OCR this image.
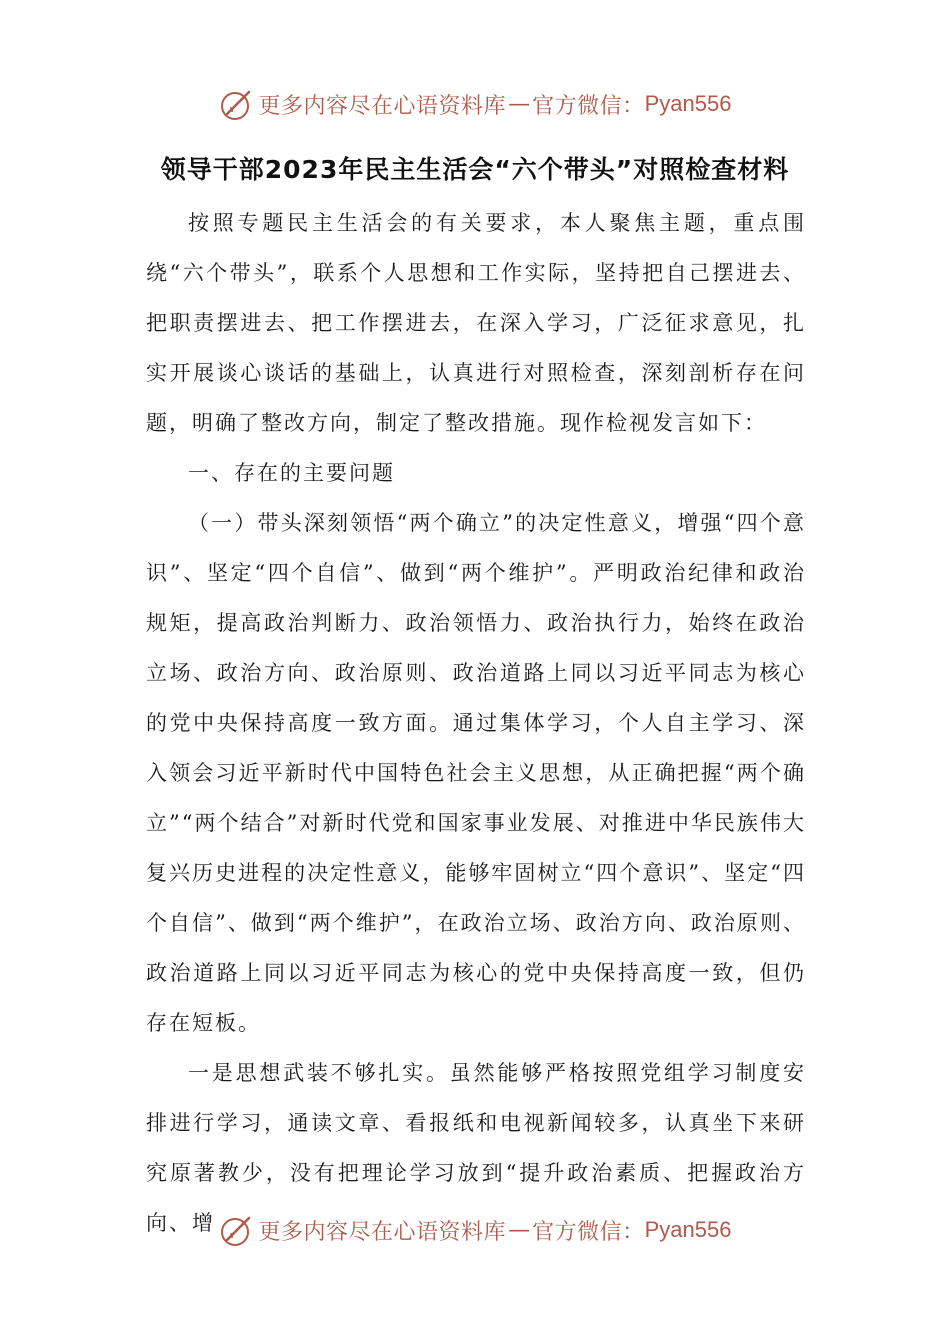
更多内容尽在心语资料库 — 官方微信： Pyan556
领导干部2023年民主生活会“六个带头”对照检查材料

按照专题民主生活会的有关要求，本人聚焦主题，重点围绕“六个带头”，联系个人思想和工作实际，坚持把自己摆进去、把职责摆进去、把工作摆进去，在深入学习，广泛征求意见，扎实开展谈心谈话的基础上，认真进行对照检查，深刻剖析存在问题，明确了整改方向，制定了整改措施。现作检视发言如下：

一、存在的主要问题

（一）带头深刻领悟“两个确立”的决定性意义，增强“四个意识”、坚定“四个自信”、做到“两个维护”。严明政治纪律和政治规矩，提高政治判断力、政治领悟力、政治执行力，始终在政治立场、政治方向、政治原则、政治道路上同以习近平同志为核心的党中央保持高度一致方面。通过集体学习，个人自主学习、深入领会习近平新时代中国特色社会主义思想，从正确把握“两个确立”“两个结合”对新时代党和国家事业发展、对推进中华民族伟大复兴历史进程的决定性意义，能够牢固树立“四个意识”、坚定“四个自信”、做到“两个维护”，在政治立场、政治方向、政治原则、政治道路上同以习近平同志为核心的党中央保持高度一致，但仍存在短板。

一是思想武装不够扎实。虽然能够严格按照党组学习制度安排进行学习，通读文章、看报纸和电视新闻较多，认真坐下来研究原著教少，没有把理论学习放到“提升政治素质、把握政治方向、增	更多内容尽在心语资料库 — 官方微信： Pyan556
